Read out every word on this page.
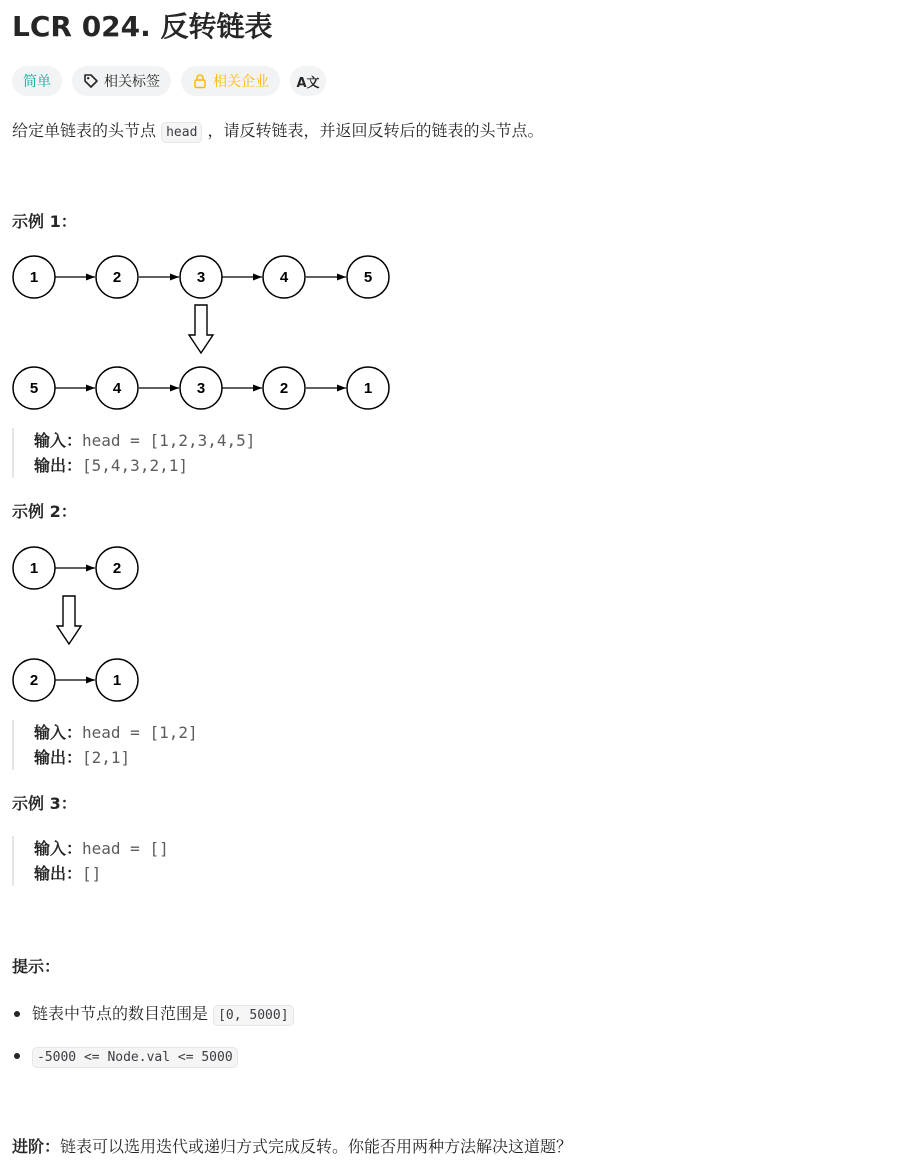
LCR 024. 反转链表
简单	相关标签	相关企业 A文
给定单链表的头节点 head ，请反转链表，并返回反转后的链表的头节点。
示例 1：
1	2	3	4	5
5	4	3	2	1
输入：head = [1,2,3,4,5]
输出：[5,4,3,2,1]
示例 2：
1	2
2	1
输入：head = [1,2]
输出：[2,1]
示例 3：
输入：head = []
输出：[]
提示：
链表中节点的数目范围是 [0, 5000]
-5000 <= Node.val <= 5000
进阶：链表可以选用迭代或递归方式完成反转。你能否用两种方法解决这道题？
